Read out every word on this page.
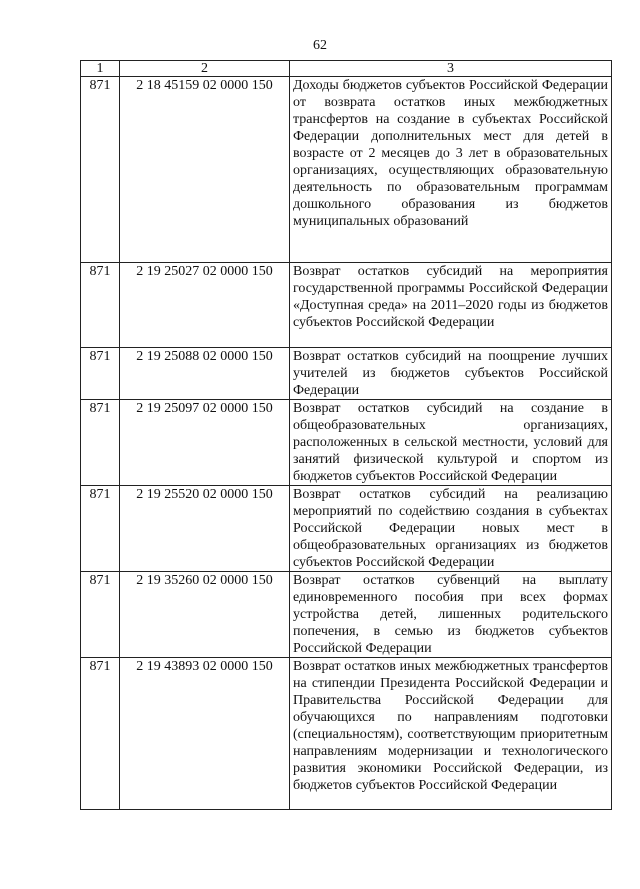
62
1	2	3
871	2 18 45159 02 0000 150	Доходы бюджетов субъектов Российской Федерации от возврата остатков иных межбюджетных трансфертов на создание в субъектах Российской Федерации дополнительных мест для детей в возрасте от 2 месяцев до 3 лет в образовательных организациях, осуществляющих образовательную деятельность по образовательным программам дошкольного образования из бюджетов муниципальных образований
871	2 19 25027 02 0000 150	Возврат остатков субсидий на мероприятия государственной программы Российской Федерации «Доступная среда» на 2011–2020 годы из бюджетов субъектов Российской Федерации
871	2 19 25088 02 0000 150	Возврат остатков субсидий на поощрение лучших учителей из бюджетов субъектов Российской Федерации
871	2 19 25097 02 0000 150	Возврат остатков субсидий на создание в общеобразовательных организациях, расположенных в сельской местности, условий для занятий физической культурой и спортом из бюджетов субъектов Российской Федерации
871	2 19 25520 02 0000 150	Возврат остатков субсидий на реализацию мероприятий по содействию создания в субъектах Российской Федерации новых мест в общеобразовательных организациях из бюджетов субъектов Российской Федерации
871	2 19 35260 02 0000 150	Возврат остатков субвенций на выплату единовременного пособия при всех формах устройства детей, лишенных родительского попечения, в семью из бюджетов субъектов Российской Федерации
871	2 19 43893 02 0000 150	Возврат остатков иных межбюджетных трансфертов на стипендии Президента Российской Федерации и Правительства Российской Федерации для обучающихся по направлениям подготовки (специальностям), соответствующим приоритетным направлениям модернизации и технологического развития экономики Российской Федерации, из бюджетов субъектов Российской Федерации
